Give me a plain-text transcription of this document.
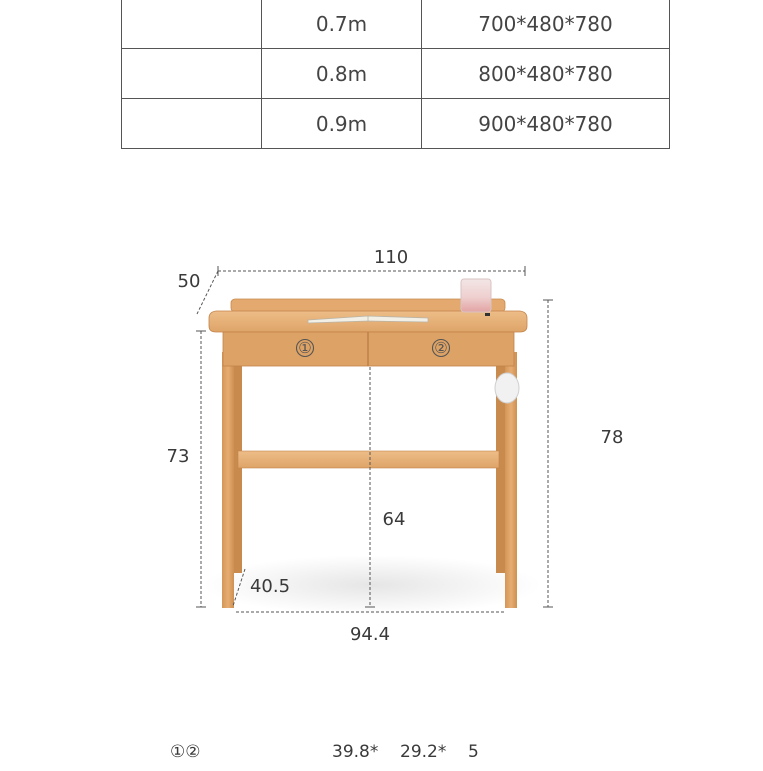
	0.7m	700*480*780
	0.8m	800*480*780
	0.9m	900*480*780
①	②
110
50
73
78
64
40.5
94.4
①②	39.8* 29.2* 5
